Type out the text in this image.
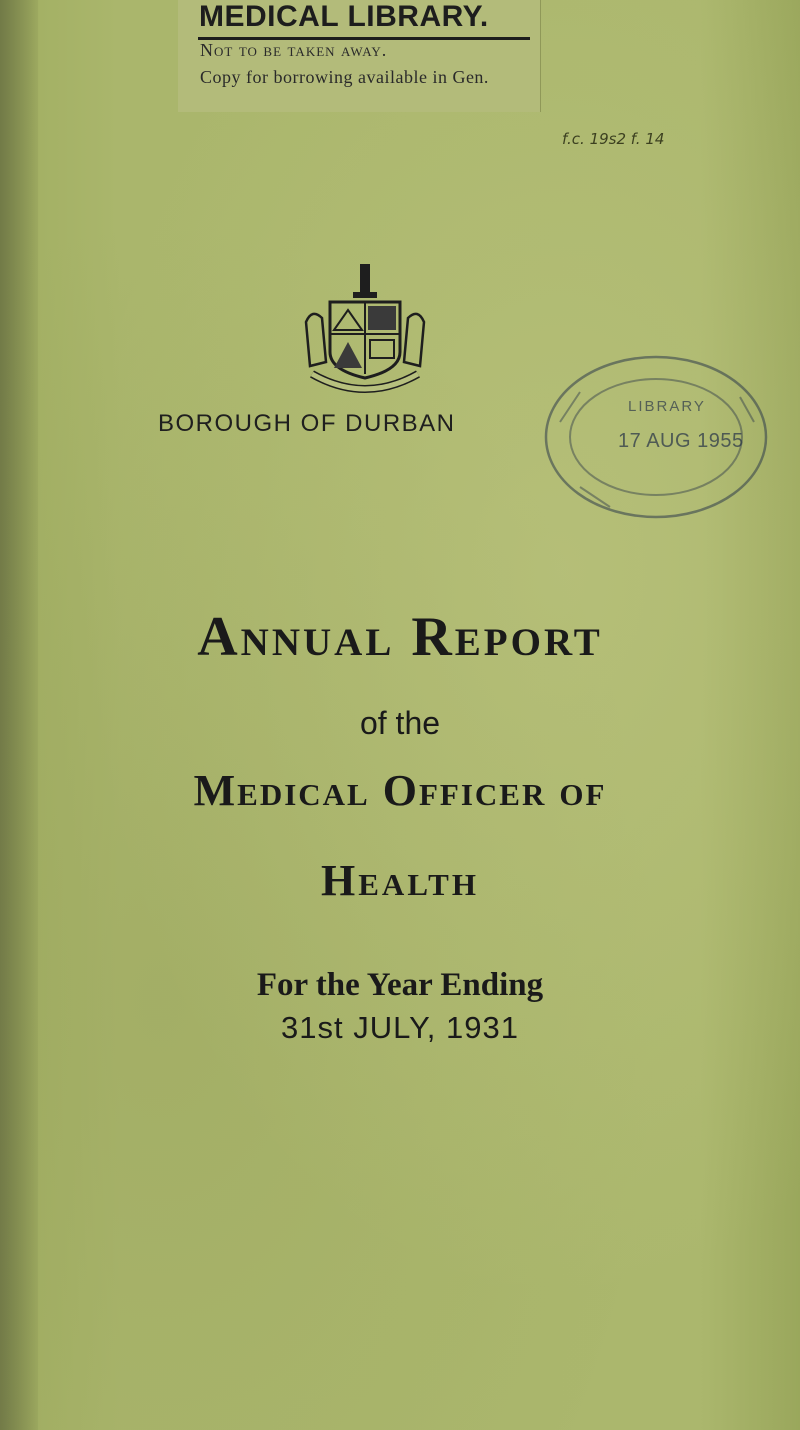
MEDICAL LIBRARY.
Not to be taken away.
Copy for borrowing available in Gen.
f.c. 19s2 f. 14
BOROUGH OF DURBAN
LIBRARY
17 AUG 1955
Annual Report
of the
Medical Officer of
Health
For the Year Ending
31st JULY, 1931
